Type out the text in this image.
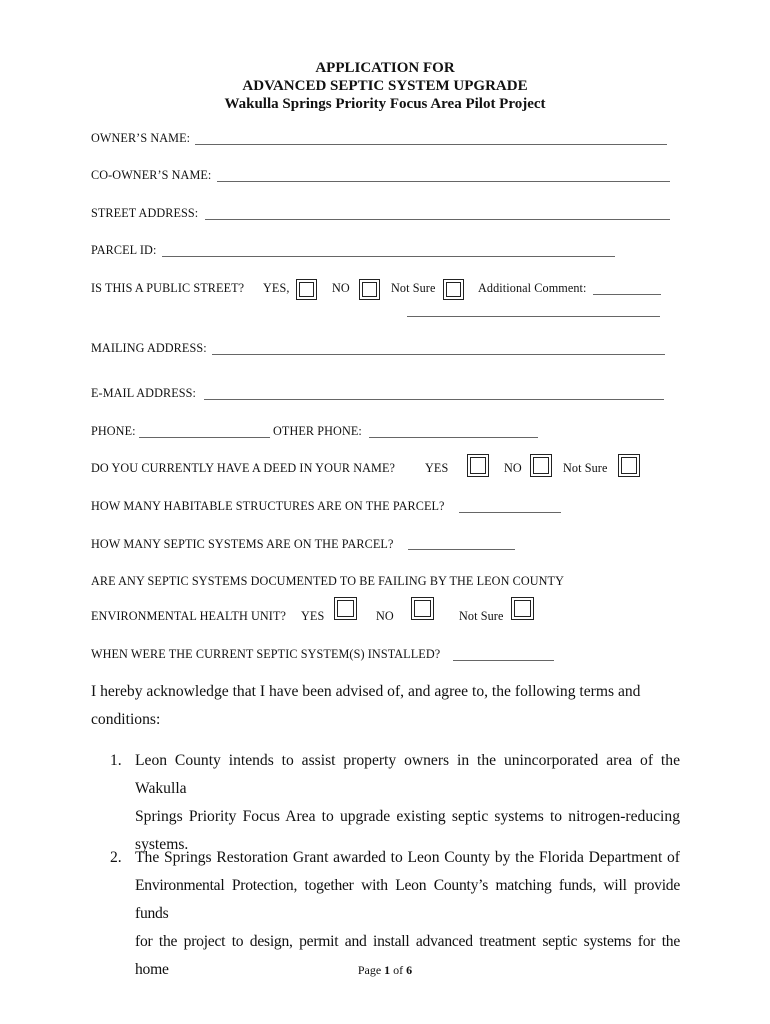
APPLICATION FOR
ADVANCED SEPTIC SYSTEM UPGRADE
Wakulla Springs Priority Focus Area Pilot Project
OWNER’S NAME:
CO-OWNER’S NAME:
STREET ADDRESS:
PARCEL ID:
IS THIS A PUBLIC STREET? YES,	NO	Not Sure	Additional Comment:
MAILING ADDRESS:
E-MAIL ADDRESS:
PHONE:	OTHER PHONE:
DO YOU CURRENTLY HAVE A DEED IN YOUR NAME? YES	NO	Not Sure
HOW MANY HABITABLE STRUCTURES ARE ON THE PARCEL?
HOW MANY SEPTIC SYSTEMS ARE ON THE PARCEL?
ARE ANY SEPTIC SYSTEMS DOCUMENTED TO BE FAILING BY THE LEON COUNTY
ENVIRONMENTAL HEALTH UNIT? YES	NO	Not Sure
WHEN WERE THE CURRENT SEPTIC SYSTEM(S) INSTALLED?
I hereby acknowledge that I have been advised of, and agree to, the following terms and
conditions:
1. Leon County intends to assist property owners in the unincorporated area of the Wakulla
Springs Priority Focus Area to upgrade existing septic systems to nitrogen-reducing
systems.
2. The Springs Restoration Grant awarded to Leon County by the Florida Department of
Environmental Protection, together with Leon County’s matching funds, will provide funds
for the project to design, permit and install advanced treatment septic systems for the home	Page 1 of 6
